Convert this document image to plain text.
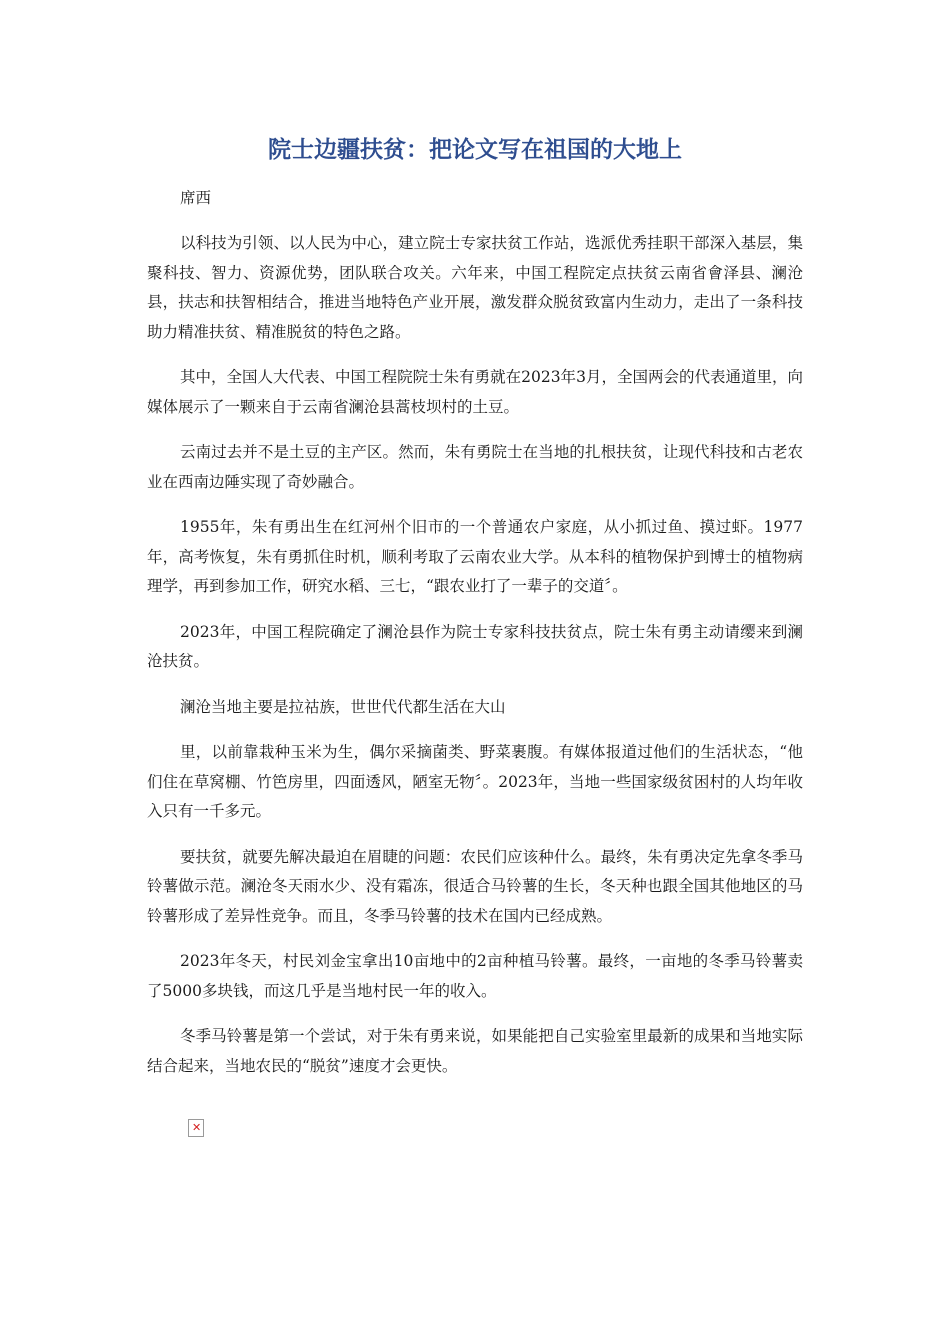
院士边疆扶贫：把论文写在祖国的大地上

席西

以科技为引领、以人民为中心，建立院士专家扶贫工作站，选派优秀挂职干部深入基层，集聚科技、智力、资源优势，团队联合攻关。六年来，中国工程院定点扶贫云南省會泽县、澜沧县，扶志和扶智相结合，推进当地特色产业开展，激发群众脱贫致富内生动力，走出了一条科技助力精准扶贫、精准脱贫的特色之路。

其中，全国人大代表、中国工程院院士朱有勇就在2023年3月，全国两会的代表通道里，向媒体展示了一颗来自于云南省澜沧县蒿枝坝村的土豆。

云南过去并不是土豆的主产区。然而，朱有勇院士在当地的扎根扶贫，让现代科技和古老农业在西南边陲实现了奇妙融合。

1955年，朱有勇出生在红河州个旧市的一个普通农户家庭，从小抓过鱼、摸过虾。1977年，高考恢复，朱有勇抓住时机，顺利考取了云南农业大学。从本科的植物保护到博士的植物病理学，再到参加工作，研究水稻、三七，“跟农业打了一辈子的交道〞。

2023年，中国工程院确定了澜沧县作为院士专家科技扶贫点，院士朱有勇主动请缨来到澜沧扶贫。

澜沧当地主要是拉祜族，世世代代都生活在大山

里，以前靠栽种玉米为生，偶尔采摘菌类、野菜裹腹。有媒体报道过他们的生活状态，“他们住在草窝棚、竹笆房里，四面透风，陋室无物〞。2023年，当地一些国家级贫困村的人均年收入只有一千多元。

要扶贫，就要先解决最迫在眉睫的问题：农民们应该种什么。最终，朱有勇决定先拿冬季马铃薯做示范。澜沧冬天雨水少、没有霜冻，很适合马铃薯的生长，冬天种也跟全国其他地区的马铃薯形成了差异性竞争。而且，冬季马铃薯的技术在国内已经成熟。

2023年冬天，村民刘金宝拿出10亩地中的2亩种植马铃薯。最终，一亩地的冬季马铃薯卖了5000多块钱，而这几乎是当地村民一年的收入。

冬季马铃薯是第一个尝试，对于朱有勇来说，如果能把自己实验室里最新的成果和当地实际结合起来，当地农民的“脱贫”速度才会更快。

✕
